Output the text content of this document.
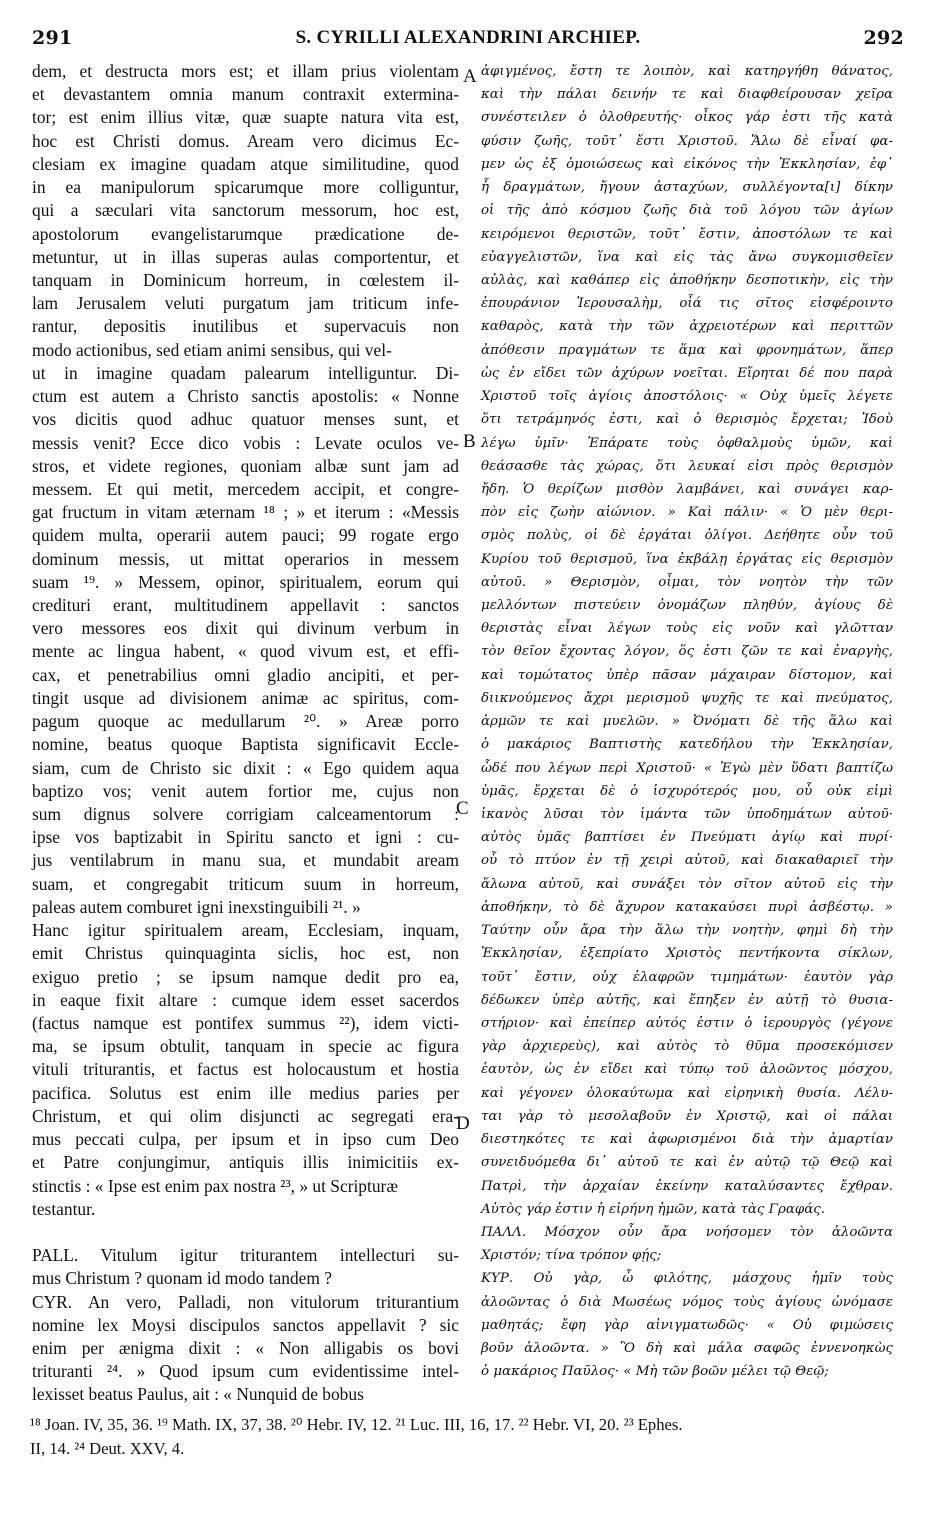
291	S. CYRILLI ALEXANDRINI ARCHIEP.	292
A
B
C
D
dem, et destructa mors est; et illam prius violentam
et devastantem omnia manum contraxit extermina-
tor; est enim illius vitæ, quæ suapte natura vita est,
hoc est Christi domus. Aream vero dicimus Ec-
clesiam ex imagine quadam atque similitudine, quod
in ea manipulorum spicarumque more colliguntur,
qui a sæculari vita sanctorum messorum, hoc est,
apostolorum evangelistarumque prædicatione de-
metuntur, ut in illas superas aulas comportentur, et
tanquam in Dominicum horreum, in cœlestem il-
lam Jerusalem veluti purgatum jam triticum infe-
rantur, depositis inutilibus et supervacuis non
modo actionibus, sed etiam animi sensibus, qui vel-
ut in imagine quadam palearum intelliguntur. Di-
ctum est autem a Christo sanctis apostolis: « Nonne
vos dicitis quod adhuc quatuor menses sunt, et
messis venit? Ecce dico vobis : Levate oculos ve-
stros, et videte regiones, quoniam albæ sunt jam ad
messem. Et qui metit, mercedem accipit, et congre-
gat fructum in vitam æternam ¹⁸ ; » et iterum : «Messis
quidem multa, operarii autem pauci; 99 rogate ergo
dominum messis, ut mittat operarios in messem
suam ¹⁹. » Messem, opinor, spiritualem, eorum qui
credituri erant, multitudinem appellavit : sanctos
vero messores eos dixit qui divinum verbum in
mente ac lingua habent, « quod vivum est, et effi-
cax, et penetrabilius omni gladio ancipiti, et per-
tingit usque ad divisionem animæ ac spiritus, com-
pagum quoque ac medullarum ²⁰. » Areæ porro
nomine, beatus quoque Baptista significavit Eccle-
siam, cum de Christo sic dixit : « Ego quidem aqua
baptizo vos; venit autem fortior me, cujus non
sum dignus solvere corrigiam calceamentorum :
ipse vos baptizabit in Spiritu sancto et igni : cu-
jus ventilabrum in manu sua, et mundabit aream
suam, et congregabit triticum suum in horreum,
paleas autem comburet igni inexstinguibili ²¹. »
Hanc igitur spiritualem aream, Ecclesiam, inquam,
emit Christus quinquaginta siclis, hoc est, non
exiguo pretio ; se ipsum namque dedit pro ea,
in eaque fixit altare : cumque idem esset sacerdos
(factus namque est pontifex summus ²²), idem victi-
ma, se ipsum obtulit, tanquam in specie ac figura
vituli triturantis, et factus est holocaustum et hostia
pacifica. Solutus est enim ille medius paries per
Christum, et qui olim disjuncti ac segregati era-
mus peccati culpa, per ipsum et in ipso cum Deo
et Patre conjungimur, antiquis illis inimicitiis ex-
stinctis : « Ipse est enim pax nostra ²³, » ut Scripturæ
testantur.
PALL. Vitulum igitur triturantem intellecturi su-
mus Christum ? quonam id modo tandem ?
CYR. An vero, Palladi, non vitulorum triturantium
nomine lex Moysi discipulos sanctos appellavit ? sic
enim per ænigma dixit : « Non alligabis os bovi
trituranti ²⁴. » Quod ipsum cum evidentissime intel-
lexisset beatus Paulus, ait : « Nunquid de bobus
ἀφιγμένος, ἔστη τε λοιπὸν, καὶ κατηργήθη θάνατος,
καὶ τὴν πάλαι δεινήν τε καὶ διαφθείρουσαν χεῖρα
συνέστειλεν ὁ ὀλοθρευτής· οἶκος γάρ ἐστι τῆς κατὰ
φύσιν ζωῆς, τοῦτ᾿ ἔστι Χριστοῦ. Ἅλω δὲ εἶναί φα-
μεν ὡς ἐξ ὁμοιώσεως καὶ εἰκόνος τὴν Ἐκκλησίαν, ἐφ᾿
ἧ δραγμάτων, ἤγουν ἀσταχύων, συλλέγοντα[ι] δίκην
οἱ τῆς ἀπὸ κόσμου ζωῆς διὰ τοῦ λόγου τῶν ἁγίων
κειρόμενοι θεριστῶν, τοῦτ᾿ ἔστιν, ἀποστόλων τε καὶ
εὐαγγελιστῶν, ἵνα καὶ εἰς τὰς ἄνω συγκομισθεῖεν
αὐλὰς, καὶ καθάπερ εἰς ἀποθήκην δεσποτικὴν, εἰς τὴν
ἐπουράνιον Ἱερουσαλὴμ, οἷά τις σῖτος εἰσφέροιντο
καθαρὸς, κατὰ τὴν τῶν ἀχρειοτέρων καὶ περιττῶν
ἀπόθεσιν πραγμάτων τε ἅμα καὶ φρονημάτων, ἅπερ
ὡς ἐν εἴδει τῶν ἀχύρων νοεῖται. Εἴρηται δέ που παρὰ
Χριστοῦ τοῖς ἁγίοις ἀποστόλοις· « Οὐχ ὑμεῖς λέγετε
ὅτι τετράμηνός ἐστι, καὶ ὁ θερισμὸς ἔρχεται; Ἰδοὺ
λέγω ὑμῖν· Ἐπάρατε τοὺς ὀφθαλμοὺς ὑμῶν, καὶ
θεάσασθε τὰς χώρας, ὅτι λευκαί εἰσι πρὸς θερισμὸν
ἤδη. Ὁ θερίζων μισθὸν λαμβάνει, καὶ συνάγει καρ-
πὸν εἰς ζωὴν αἰώνιον. » Καὶ πάλιν· « Ὁ μὲν θερι-
σμὸς πολὺς, οἱ δὲ ἐργάται ὀλίγοι. Δεήθητε οὖν τοῦ
Κυρίου τοῦ θερισμοῦ, ἵνα ἐκβάλῃ ἐργάτας εἰς θερισμὸν
αὐτοῦ. » Θερισμὸν, οἶμαι, τὸν νοητὸν τὴν τῶν
μελλόντων πιστεύειν ὀνομάζων πληθύν, ἁγίους δὲ
θεριστὰς εἶναι λέγων τοὺς εἰς νοῦν καὶ γλῶτταν
τὸν θεῖον ἔχοντας λόγον, ὅς ἐστι ζῶν τε καὶ ἐναργὴς,
καὶ τομώτατος ὑπὲρ πᾶσαν μάχαιραν δίστομον, καὶ
διικνούμενος ἄχρι μερισμοῦ ψυχῆς τε καὶ πνεύματος,
ἁρμῶν τε καὶ μυελῶν. » Ὀνόματι δὲ τῆς ἅλω καὶ
ὁ μακάριος Βαπτιστὴς κατεδήλου τὴν Ἐκκλησίαν,
ὧδέ που λέγων περὶ Χριστοῦ· « Ἐγὼ μὲν ὕδατι βαπτίζω
ὑμᾶς, ἔρχεται δὲ ὁ ἰσχυρότερός μου, οὗ οὐκ εἰμὶ
ἱκανὸς λῦσαι τὸν ἱμάντα τῶν ὑποδημάτων αὐτοῦ·
αὐτὸς ὑμᾶς βαπτίσει ἐν Πνεύματι ἁγίῳ καὶ πυρί·
οὗ τὸ πτύον ἐν τῇ χειρὶ αὐτοῦ, καὶ διακαθαριεῖ τὴν
ἅλωνα αὐτοῦ, καὶ συνάξει τὸν σῖτον αὐτοῦ εἰς τὴν
ἀποθήκην, τὸ δὲ ἄχυρον κατακαύσει πυρὶ ἀσβέστῳ. »
Ταύτην οὖν ἄρα τὴν ἅλω τὴν νοητὴν, φημὶ δὴ τὴν
Ἐκκλησίαν, ἐξεπρίατο Χριστὸς πεντήκοντα σίκλων,
τοῦτ᾿ ἔστιν, οὐχ ἐλαφρῶν τιμημάτων· ἑαυτὸν γὰρ
δέδωκεν ὑπὲρ αὐτῆς, καὶ ἔπηξεν ἐν αὐτῇ τὸ θυσια-
στήριον· καὶ ἐπείπερ αὐτός ἐστιν ὁ ἱερουργὸς (γέγονε
γὰρ ἀρχιερεὺς), καὶ αὐτὸς τὸ θῦμα προσεκόμισεν
ἑαυτὸν, ὡς ἐν εἴδει καὶ τύπῳ τοῦ ἀλοῶντος μόσχου,
καὶ γέγονεν ὁλοκαύτωμα καὶ εἰρηνικὴ θυσία. Λέλυ-
ται γὰρ τὸ μεσολαβοῦν ἐν Χριστῷ, καὶ οἱ πάλαι
διεστηκότες τε καὶ ἀφωρισμένοι διὰ τὴν ἁμαρτίαν
συνειδυόμεθα δι᾿ αὐτοῦ τε καὶ ἐν αὐτῷ τῷ Θεῷ καὶ
Πατρὶ, τὴν ἀρχαίαν ἐκείνην καταλύσαντες ἔχθραν.
Αὐτὸς γάρ ἐστιν ἡ εἰρήνη ἡμῶν, κατὰ τὰς Γραφάς.
ΠΑΛΛ. Μόσχον οὖν ἄρα νοήσομεν τὸν ἀλοῶντα
Χριστόν; τίνα τρόπον φῄς;
ΚΥΡ. Οὐ γὰρ, ὦ φιλότης, μάσχους ἡμῖν τοὺς
ἀλοῶντας ὁ διὰ Μωσέως νόμος τοὺς ἁγίους ὠνόμασε
μαθητάς; ἔφη γὰρ αἰνιγματωδῶς· « Οὐ φιμώσεις
βοῦν ἀλοῶντα. » Ὃ δὴ καὶ μάλα σαφῶς ἐννενοηκὼς
ὁ μακάριος Παῦλος· « Μὴ τῶν βοῶν μέλει τῷ Θεῷ;
¹⁸ Joan. IV, 35, 36. ¹⁹ Math. IX, 37, 38. ²⁰ Hebr. IV, 12. ²¹ Luc. III, 16, 17. ²² Hebr. VI, 20. ²³ Ephes.
II, 14. ²⁴ Deut. XXV, 4.
